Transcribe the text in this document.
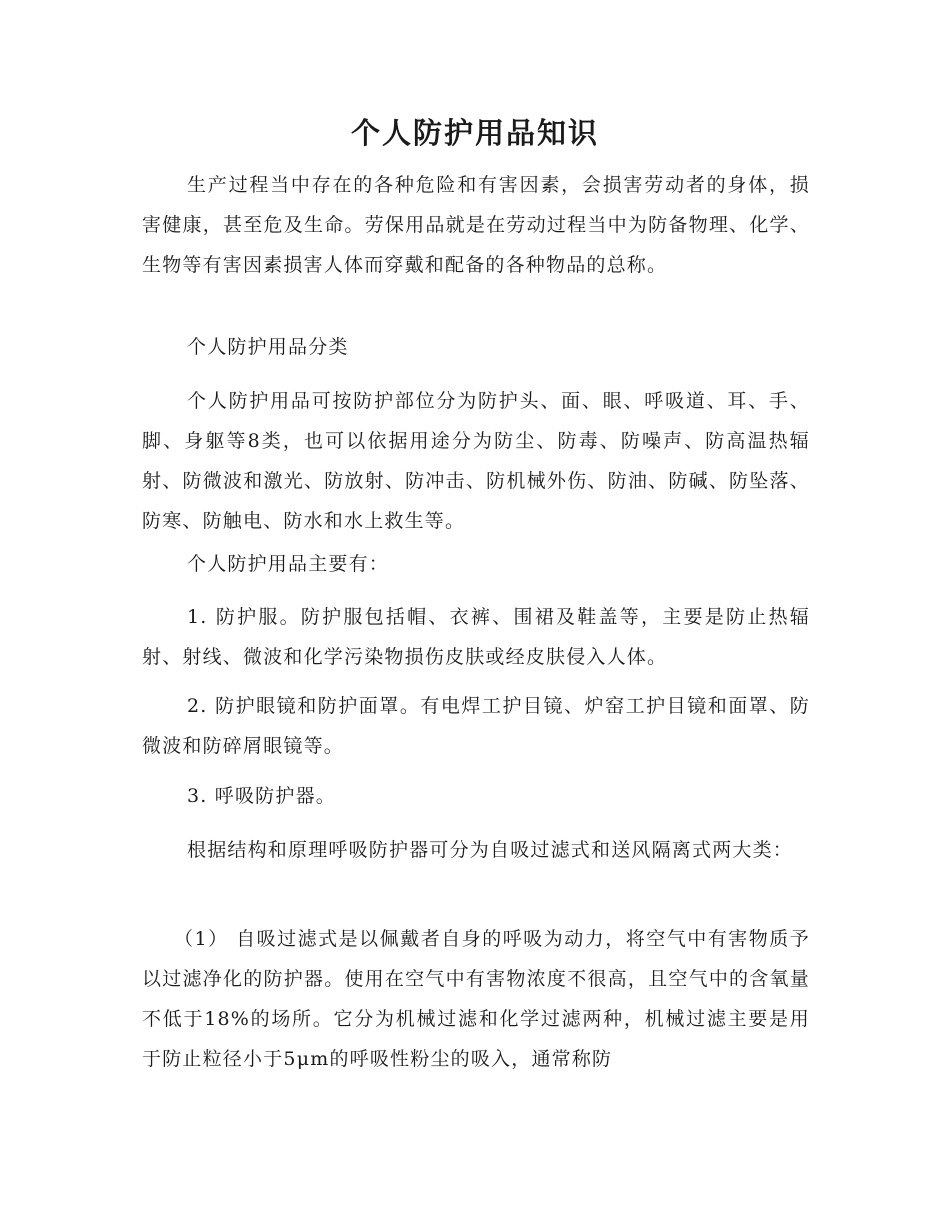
个人防护用品知识

生产过程当中存在的各种危险和有害因素，会损害劳动者的身体，损害健康，甚至危及生命。劳保用品就是在劳动过程当中为防备物理、化学、生物等有害因素损害人体而穿戴和配备的各种物品的总称。

个人防护用品分类

个人防护用品可按防护部位分为防护头、面、眼、呼吸道、耳、手、脚、身躯等8类，也可以依据用途分为防尘、防毒、防噪声、防高温热辐射、防微波和激光、防放射、防冲击、防机械外伤、防油、防碱、防坠落、防寒、防触电、防水和水上救生等。

个人防护用品主要有：

1. 防护服。防护服包括帽、衣裤、围裙及鞋盖等，主要是防止热辐射、射线、微波和化学污染物损伤皮肤或经皮肤侵入人体。

2. 防护眼镜和防护面罩。有电焊工护目镜、炉窑工护目镜和面罩、防微波和防碎屑眼镜等。

3. 呼吸防护器。

根据结构和原理呼吸防护器可分为自吸过滤式和送风隔离式两大类：

（1） 自吸过滤式是以佩戴者自身的呼吸为动力，将空气中有害物质予以过滤净化的防护器。使用在空气中有害物浓度不很高，且空气中的含氧量不低于18%的场所。它分为机械过滤和化学过滤两种，机械过滤主要是用于防止粒径小于5μm的呼吸性粉尘的吸入，通常称防
